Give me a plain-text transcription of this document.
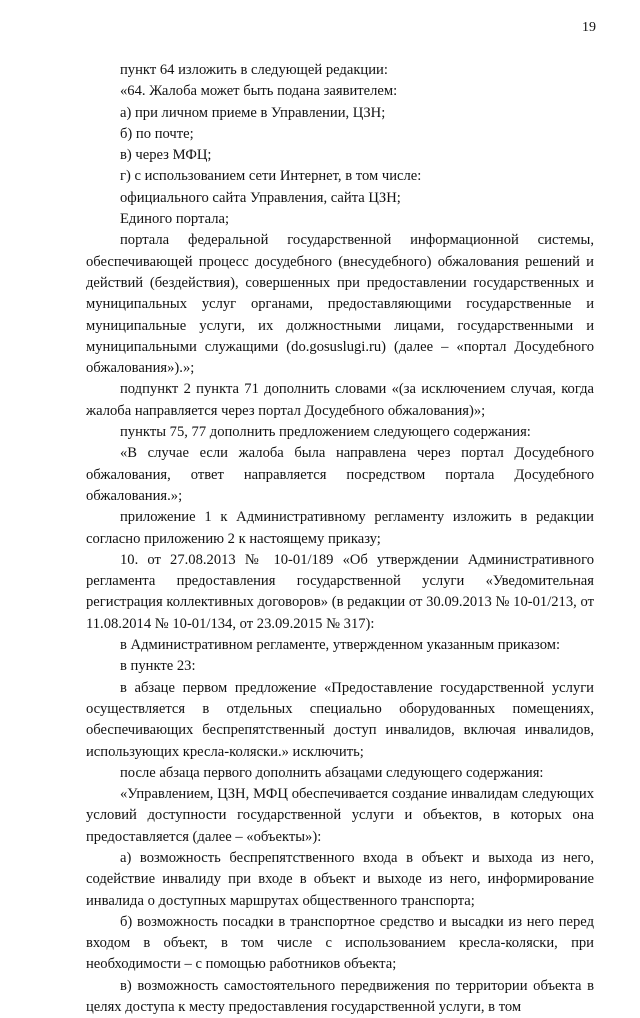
19

пункт 64 изложить в следующей редакции:

«64. Жалоба может быть подана заявителем:

а) при личном приеме в Управлении, ЦЗН;

б) по почте;

в) через МФЦ;

г) с использованием сети Интернет, в том числе:

официального сайта Управления, сайта ЦЗН;

Единого портала;

портала федеральной государственной информационной системы, обеспечивающей процесс досудебного (внесудебного) обжалования решений и действий (бездействия), совершенных при предоставлении государственных и муниципальных услуг органами, предоставляющими государственные и муниципальные услуги, их должностными лицами, государственными и муниципальными служащими (do.gosuslugi.ru) (далее – «портал Досудебного обжалования»).»;

подпункт 2 пункта 71 дополнить словами «(за исключением случая, когда жалоба направляется через портал Досудебного обжалования)»;

пункты 75, 77 дополнить предложением следующего содержания:

«В случае если жалоба была направлена через портал Досудебного обжалования, ответ направляется посредством портала Досудебного обжалования.»;

приложение 1 к Административному регламенту изложить в редакции согласно приложению 2 к настоящему приказу;

10. от 27.08.2013 № 10-01/189 «Об утверждении Административного регламента предоставления государственной услуги «Уведомительная регистрация коллективных договоров» (в редакции от 30.09.2013 № 10-01/213, от 11.08.2014 № 10-01/134, от 23.09.2015 № 317):

в Административном регламенте, утвержденном указанным приказом:

в пункте 23:

в абзаце первом предложение «Предоставление государственной услуги осуществляется в отдельных специально оборудованных помещениях, обеспечивающих беспрепятственный доступ инвалидов, включая инвалидов, использующих кресла-коляски.» исключить;

после абзаца первого дополнить абзацами следующего содержания:

«Управлением, ЦЗН, МФЦ обеспечивается создание инвалидам следующих условий доступности государственной услуги и объектов, в которых она предоставляется (далее – «объекты»):

а) возможность беспрепятственного входа в объект и выхода из него, содействие инвалиду при входе в объект и выходе из него, информирование инвалида о доступных маршрутах общественного транспорта;

б) возможность посадки в транспортное средство и высадки из него перед входом в объект, в том числе с использованием кресла-коляски, при необходимости – с помощью работников объекта;

в) возможность самостоятельного передвижения по территории объекта в целях доступа к месту предоставления государственной услуги, в том
